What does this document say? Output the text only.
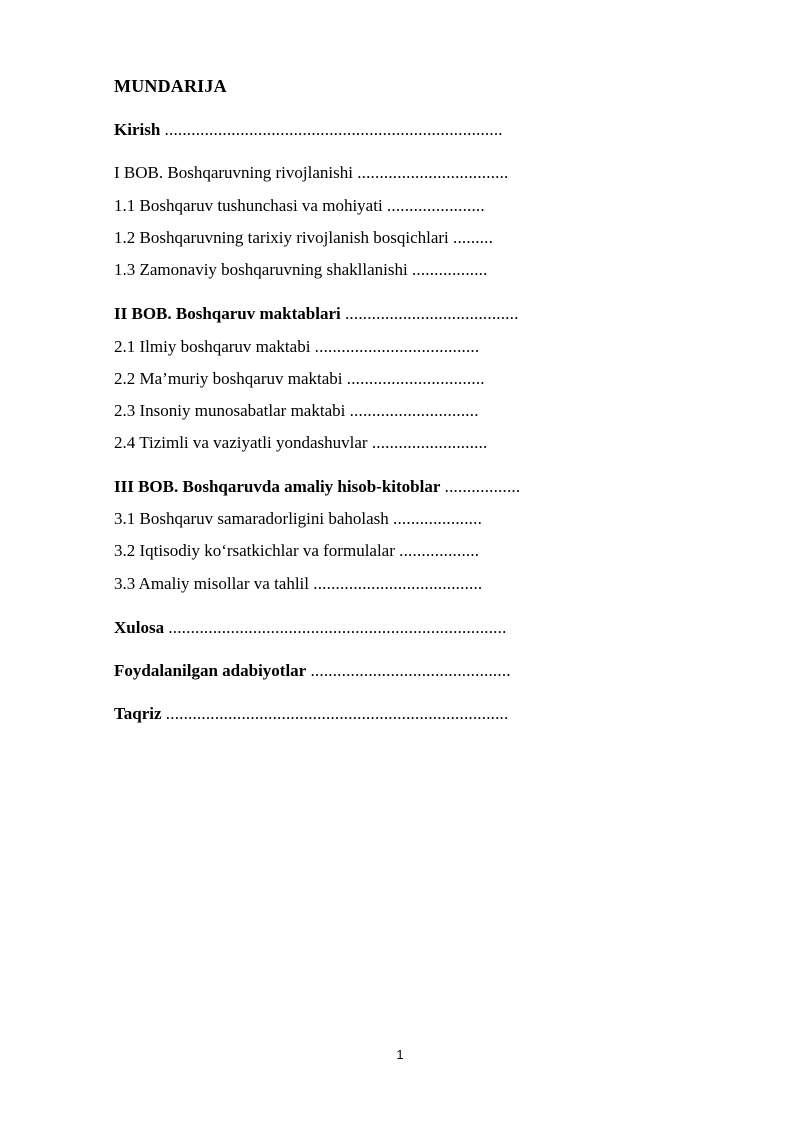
MUNDARIJA
Kirish ............................................................................
I BOB. Boshqaruvning rivojlanishi ..................................
1.1 Boshqaruv tushunchasi va mohiyati ......................
1.2 Boshqaruvning tarixiy rivojlanish bosqichlari .........
1.3 Zamonaviy boshqaruvning shakllanishi .................
II BOB. Boshqaruv maktablari .......................................
2.1 Ilmiy boshqaruv maktabi .....................................
2.2 Ma’muriy boshqaruv maktabi ...............................
2.3 Insoniy munosabatlar maktabi .............................
2.4 Tizimli va vaziyatli yondashuvlar ..........................
III BOB. Boshqaruvda amaliy hisob-kitoblar .................
3.1 Boshqaruv samaradorligini baholash ....................
3.2 Iqtisodiy ko‘rsatkichlar va formulalar ..................
3.3 Amaliy misollar va tahlil ......................................
Xulosa ............................................................................
Foydalanilgan adabiyotlar .............................................
Taqriz .............................................................................
1
